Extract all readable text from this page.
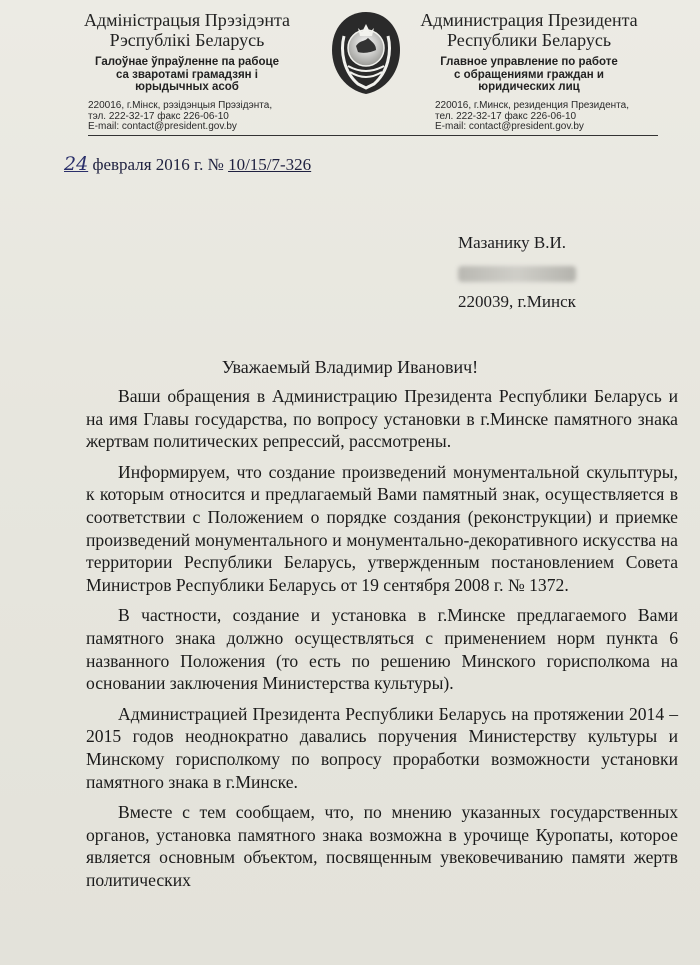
Адміністрацыя Прэзідэнта
Рэспублікі Беларусь
Галоўнае ўпраўленне па рабоце
са зваротамі грамадзян і
юрыдычных асоб
220016, г.Мінск, рэзідэнцыя Прэзідэнта,
тэл. 222-32-17 факс 226-06-10
E-mail: contact@president.gov.by
Администрация Президента
Республики Беларусь
Главное управление по работе
с обращениями граждан и
юридических лиц
220016, г.Минск, резиденция Президента,
тел. 222-32-17 факс 226-06-10
E-mail: contact@president.gov.by
24 февраля 2016 г. № 10/15/7-326
Мазанику В.И.
220039, г.Минск
Уважаемый Владимир Иванович!

Ваши обращения в Администрацию Президента Республики Беларусь и на имя Главы государства, по вопросу установки в г.Минске памятного знака жертвам политических репрессий, рассмотрены.

Информируем, что создание произведений монументальной скульптуры, к которым относится и предлагаемый Вами памятный знак, осуществляется в соответствии с Положением о порядке создания (реконструкции) и приемке произведений монументального и монументально-декоративного искусства на территории Республики Беларусь, утвержденным постановлением Совета Министров Республики Беларусь от 19 сентября 2008 г. № 1372.

В частности, создание и установка в г.Минске предлагаемого Вами памятного знака должно осуществляться с применением норм пункта 6 названного Положения (то есть по решению Минского горисполкома на основании заключения Министерства культуры).

Администрацией Президента Республики Беларусь на протяжении 2014 – 2015 годов неоднократно давались поручения Министерству культуры и Минскому горисполкому по вопросу проработки возможности установки памятного знака в г.Минске.

Вместе с тем сообщаем, что, по мнению указанных государственных органов, установка памятного знака возможна в урочище Куропаты, которое является основным объектом, посвященным увековечиванию памяти жертв политических
